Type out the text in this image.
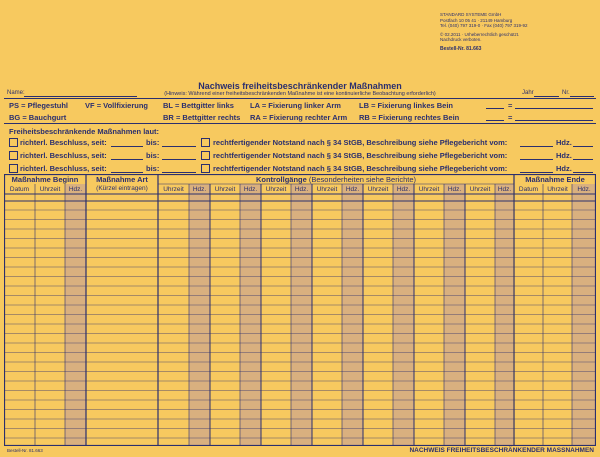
STANDARD SYSTEME GmbH
Postfach 10 05 41 · 21149 Hamburg
Tel. (040) 797 319-0 · Fax (040) 797 319-92
© 02.2011 · Urheberrechtlich geschützt.
Nachdruck verboten.
Bestell-Nr. 81.663
Nachweis freiheitsbeschränkender Maßnahmen
(Hinweis: Während einer freiheitsbeschränkenden Maßnahme ist eine kontinuierliche Beobachtung erforderlich)
Name:	Jahr	Nr.
PS = Pflegestuhl VF = Vollfixierung BL = Bettgitter links LA = Fixierung linker Arm LB = Fixierung linkes Bein
BG = Bauchgurt	BR = Bettgitter rechts RA = Fixierung rechter Arm RB = Fixierung rechtes Bein
=
=
Freiheitsbeschränkende Maßnahmen laut:
richterl. Beschluss, seit:	bis:	rechtfertigender Notstand nach § 34 StGB, Beschreibung siehe Pflegebericht vom:	Hdz.
richterl. Beschluss, seit:	bis:	rechtfertigender Notstand nach § 34 StGB, Beschreibung siehe Pflegebericht vom:	Hdz.
richterl. Beschluss, seit:	bis:	rechtfertigender Notstand nach § 34 StGB, Beschreibung siehe Pflegebericht vom:	Hdz.
Maßnahme Beginn	Maßnahme Art
(Kürzel eintragen)
Kontrollgänge (Besonderheiten siehe Berichte)	Maßnahme Ende
Datum	Uhrzeit	Hdz.	Uhrzeit	Hdz.	Uhrzeit	Hdz.	Uhrzeit	Hdz.	Uhrzeit	Hdz.	Uhrzeit	Hdz.	Uhrzeit	Hdz.	Uhrzeit	Hdz.	Datum	Uhrzeit	Hdz.
Bestell-Nr. 81.663	NACHWEIS FREIHEITSBESCHRÄNKENDER MASSNAHMEN
